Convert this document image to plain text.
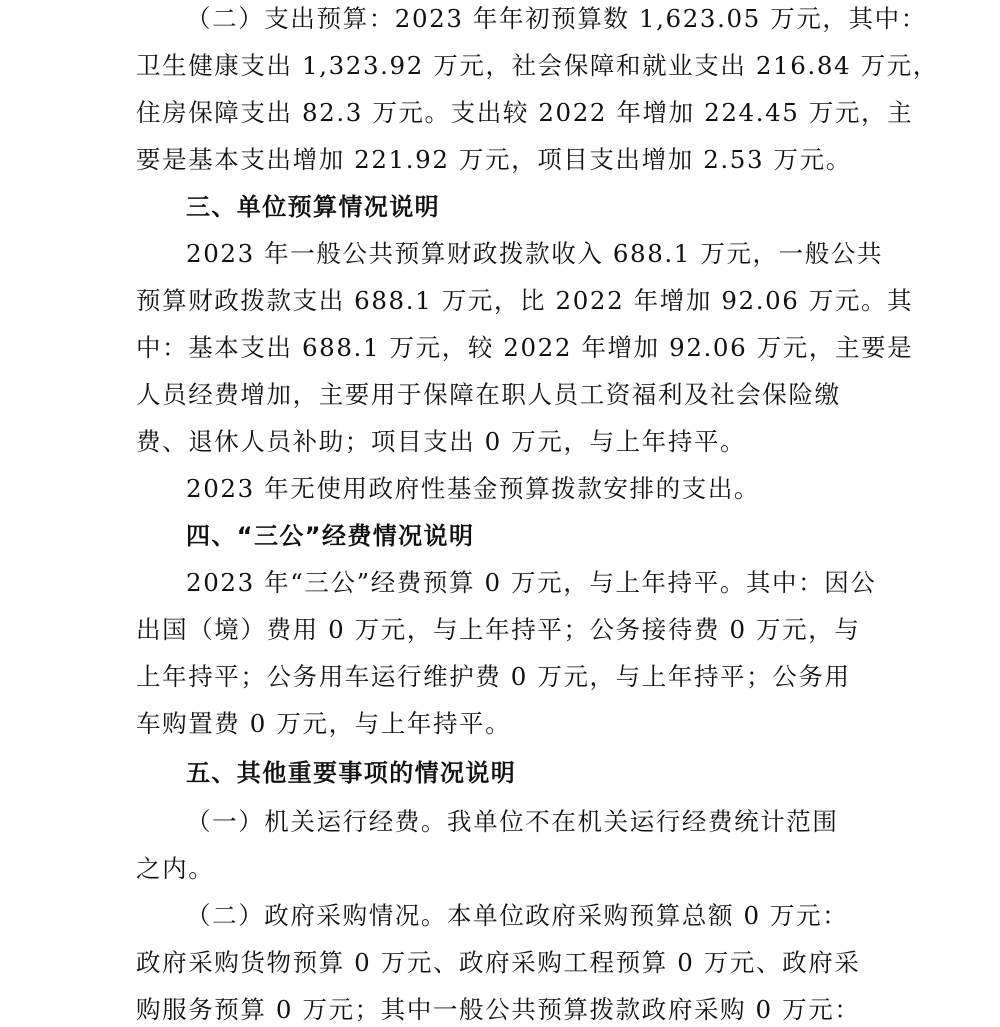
（二）支出预算：2023 年年初预算数 1,623.05 万元，其中：
卫生健康支出 1,323.92 万元，社会保障和就业支出 216.84 万元，
住房保障支出 82.3 万元。支出较 2022 年增加 224.45 万元，主
要是基本支出增加 221.92 万元，项目支出增加 2.53 万元。
三、单位预算情况说明
2023 年一般公共预算财政拨款收入 688.1 万元，一般公共
预算财政拨款支出 688.1 万元，比 2022 年增加 92.06 万元。其
中：基本支出 688.1 万元，较 2022 年增加 92.06 万元，主要是
人员经费增加，主要用于保障在职人员工资福利及社会保险缴
费、退休人员补助；项目支出 0 万元，与上年持平。
2023 年无使用政府性基金预算拨款安排的支出。
四、“三公”经费情况说明
2023 年“三公”经费预算 0 万元，与上年持平。其中：因公
出国（境）费用 0 万元，与上年持平；公务接待费 0 万元，与
上年持平；公务用车运行维护费 0 万元，与上年持平；公务用
车购置费 0 万元，与上年持平。
五、其他重要事项的情况说明
（一）机关运行经费。我单位不在机关运行经费统计范围
之内。
（二）政府采购情况。本单位政府采购预算总额 0 万元：
政府采购货物预算 0 万元、政府采购工程预算 0 万元、政府采
购服务预算 0 万元；其中一般公共预算拨款政府采购 0 万元：
